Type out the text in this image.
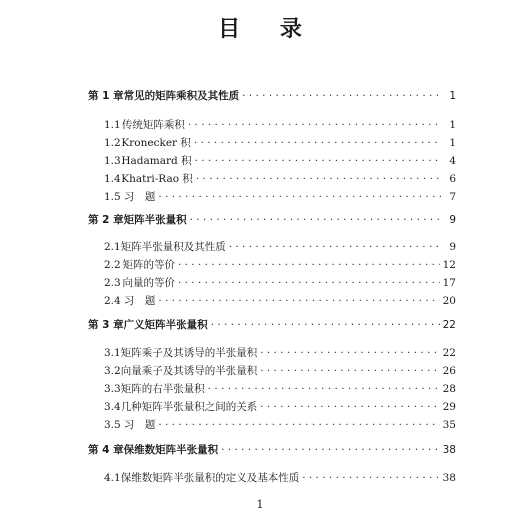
目 录
第 1 章 常见的矩阵乘积及其性质 · · ·	1
1.1 传统矩阵乘积 · · ·	1
1.2 Kronecker 积 · · ·	1
1.3 Hadamard 积 · · ·	4
1.4 Khatri-Rao 积 · · ·	6
1.5 习　题 · · ·	7
第 2 章 矩阵半张量积 · · ·	9
2.1 矩阵半张量积及其性质 · · ·	9
2.2 矩阵的等价 · · ·	12
2.3 向量的等价 · · ·	17
2.4 习　题 · · ·	20
第 3 章 广义矩阵半张量积 · · ·	22
3.1 矩阵乘子及其诱导的半张量积 · · ·	22
3.2 向量乘子及其诱导的半张量积 · · ·	26
3.3 矩阵的右半张量积 · · ·	28
3.4 几种矩阵半张量积之间的关系 · · ·	29
3.5 习　题 · · ·	35
第 4 章 保维数矩阵半张量积 · · ·	38
4.1 保维数矩阵半张量积的定义及基本性质 · · ·	38
1
